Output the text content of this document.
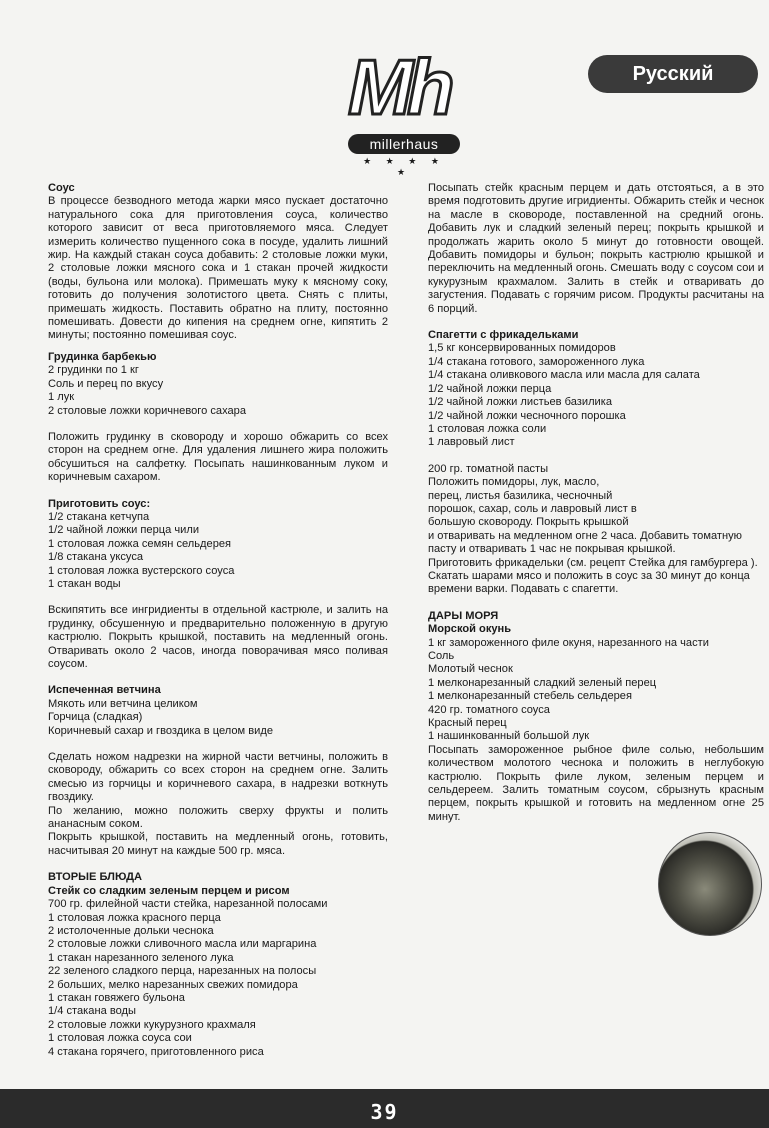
Mh
millerhaus
★ ★ ★ ★ ★
Русский

Соус

В процессе безводного метода жарки мясо пускает достаточно натурального сока для приготовления соуса, количество которого зависит от веса приготовляемого мяса. Следует измерить количество пущенного сока в посуде, удалить лишний жир. На каждый стакан соуса добавить: 2 столовые ложки муки, 2 столовые ложки мясного сока и 1 стакан прочей жидкости (воды, бульона или молока). Примешать муку к мясному соку, готовить до получения золотистого цвета. Снять с плиты, примешать жидкость. Поставить обратно на плиту, постоянно помешивать. Довести до кипения на среднем огне, кипятить 2 минуты; постоянно помешивая соус.

Грудинка барбекью

2 грудинки по 1 кг

Соль и перец по вкусу

1 лук

2 столовые ложки коричневого сахара

Положить грудинку в сковороду и хорошо обжарить со всех сторон на среднем огне. Для удаления лишнего жира положить обсушиться на салфетку. Посыпать нашинкованным луком и коричневым сахаром.

Приготовить соус:

1/2 стакана кетчупа

1/2 чайной ложки перца чили

1 столовая ложка семян сельдерея

1/8 стакана уксуса

1 столовая ложка вустерского соуса

1 стакан воды

Вскипятить все ингридиенты в отдельной кастрюле, и залить на грудинку, обсушенную и предварительно положенную в другую кастрюлю. Покрыть крышкой, поставить на медленный огонь. Отваривать около 2 часов, иногда поворачивая мясо поливая соусом.

Испеченная ветчина

Мякоть или ветчина целиком

Горчица (сладкая)

Коричневый сахар и гвоздика в целом виде

Сделать ножом надрезки на жирной части ветчины, положить в сковороду, обжарить со всех сторон на среднем огне. Залить смесью из горчицы и коричневого сахара, в надрезки воткнуть гвоздику.

По желанию, можно положить сверху фрукты и полить ананасным соком.

Покрыть крышкой, поставить на медленный огонь, готовить, насчитывая 20 минут на каждые 500 гр. мяса.

ВТОРЫЕ БЛЮДА

Стейк со сладким зеленым перцем и рисом

700 гр. филейной части стейка, нарезанной полосами

1 столовая ложка красного перца

2 истолоченные дольки чеснока

2 столовые ложки сливочного масла или маргарина

1 стакан нарезанного зеленого лука

22 зеленого сладкого перца, нарезанных на полосы

2 больших, мелко нарезанных свежих помидора

1 стакан говяжего бульона

1/4 стакана воды

2 столовые ложки кукурузного крахмаля

1 столовая ложка соуса сои

4 стакана горячего, приготовленного риса

Посыпать стейк красным перцем и дать отстояться, а в это время подготовить другие игридиенты. Обжарить стейк и чеснок на масле в сковороде, поставленной на средний огонь. Добавить лук и сладкий зеленый перец; покрыть крышкой и продолжать жарить около 5 минут до готовности овощей. Добавить помидоры и бульон; покрыть кастрюлю крышкой и переключить на медленный огонь. Смешать воду с соусом сои и кукурузным крахмалом. Залить в стейк и отваривать до загустения. Подавать с горячим рисом. Продукты расчитаны на 6 порций.

Спагетти с фрикадельками

1,5 кг консервированных помидоров

1/4 стакана готового, замороженного лука

1/4 стакана оливкового масла или масла для салата

1/2 чайной ложки перца

1/2 чайной ложки листьев базилика

1/2 чайной ложки чесночного порошка

1 столовая ложка соли

1 лавровый лист

200 гр. томатной пасты

Положить помидоры, лук, масло,

перец, листья базилика, чесночный

порошок, сахар, соль и лавровый лист в

большую сковороду. Покрыть крышкой

и отваривать на медленном огне 2 часа. Добавить томатную пасту и отваривать 1 час не покрывая крышкой.

Приготовить фрикадельки (см. рецепт Стейка для гамбургера ). Скатать шарами мясо и положить в соус за 30 минут до конца времени варки. Подавать с спагетти.

ДАРЫ МОРЯ

Морской окунь

1 кг замороженного филе окуня, нарезанного на части

Соль

Молотый чеснок

1 мелконарезанный сладкий зеленый перец

1 мелконарезанный стебель сельдерея

420 гр. томатного соуса

Красный перец

1 нашинкованный большой лук

Посыпать замороженное рыбное филе солью, небольшим количеством молотого чеснока и положить в неглубокую кастрюлю. Покрыть филе луком, зеленым перцем и сельдереем. Залить томатным соусом, сбрызнуть красным перцем, покрыть крышкой и готовить на медленном огне 25 минут.

39
